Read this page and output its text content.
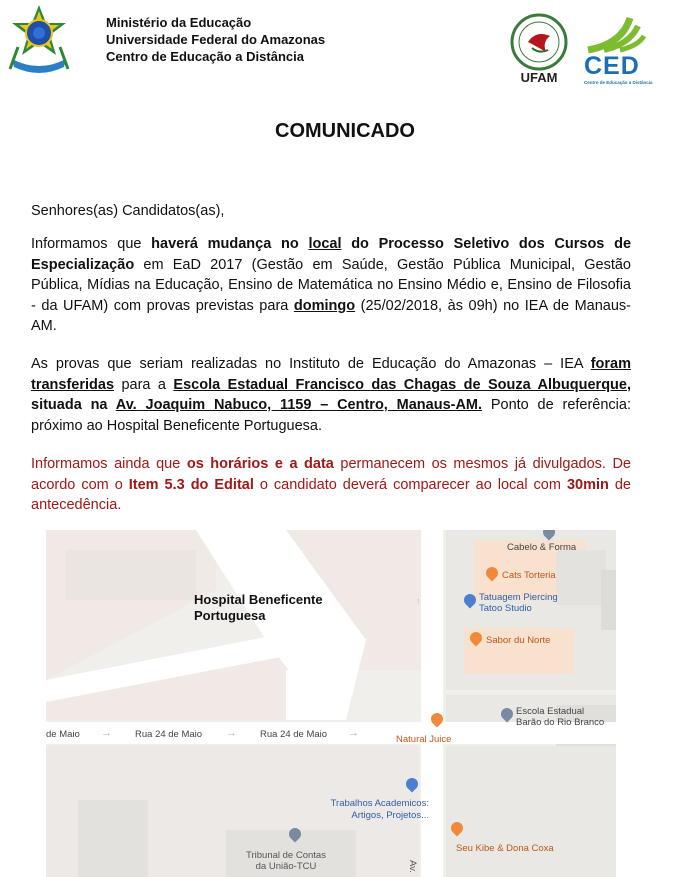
Ministério da Educação
Universidade Federal do Amazonas
Centro de Educação a Distância
UFAM	CED
Centro de Educação a Distância
COMUNICADO
Senhores(as) Candidatos(as),
Informamos que haverá mudança no local do Processo Seletivo dos Cursos de Especialização em EaD 2017 (Gestão em Saúde, Gestão Pública Municipal, Gestão Pública, Mídias na Educação, Ensino de Matemática no Ensino Médio e, Ensino de Filosofia - da UFAM) com provas previstas para domingo (25/02/2018, às 09h) no IEA de Manaus-AM.
As provas que seriam realizadas no Instituto de Educação do Amazonas – IEA foram transferidas para a Escola Estadual Francisco das Chagas de Souza Albuquerque, situada na Av. Joaquim Nabuco, 1159 – Centro, Manaus-AM. Ponto de referência: próximo ao Hospital Beneficente Portuguesa.
Informamos ainda que os horários e a data permanecem os mesmos já divulgados. De acordo com o Item 5.3 do Edital o candidato deverá comparecer ao local com 30min de antecedência.
Hospital Beneficente
Portuguesa
de Maio → Rua 24 de Maio → Rua 24 de Maio →
↑
Cabelo & Forma
Cats Torteria
Tatuagem Piercing
Tatoo Studio
Sabor du Norte
Escola Estadual
Barão do Rio Branco
Natural Juice
Trabalhos Academicos:
Artigos, Projetos...
Seu Kibe & Dona Coxa
Tribunal de Contas
da União-TCU	Av.
